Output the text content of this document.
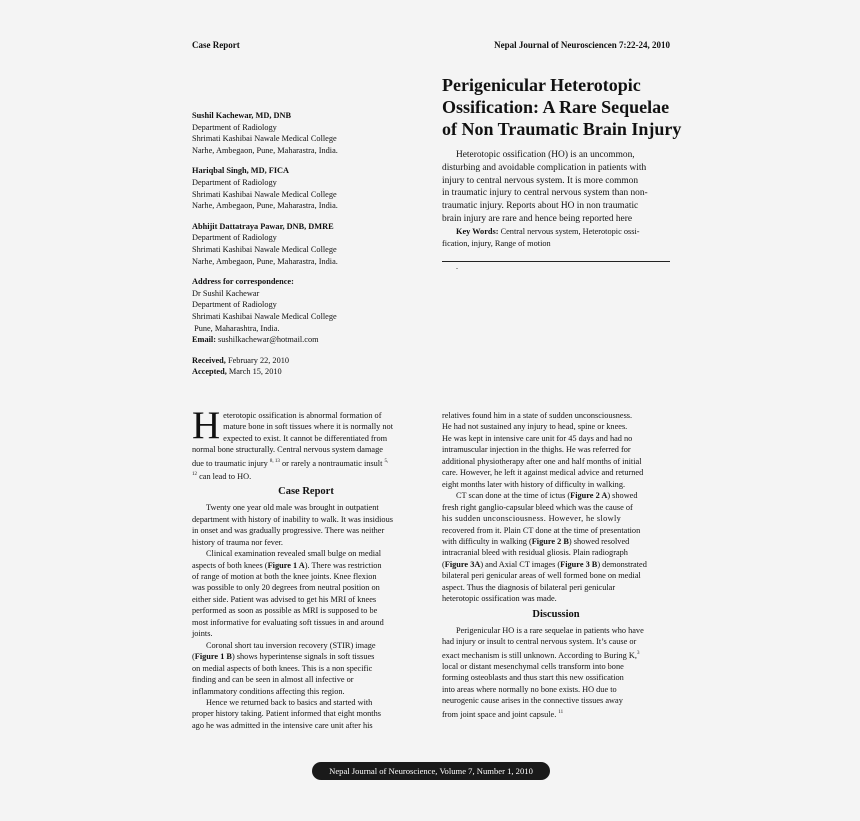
Case Report	Nepal Journal of Neurosciencen 7:22-24, 2010
Perigenicular Heterotopic
Ossification: A Rare Sequelae
of Non Traumatic Brain Injury
Sushil Kachewar, MD, DNB
Department of Radiology
Shrimati Kashibai Nawale Medical College
Narhe, Ambegaon, Pune, Maharastra, India.
Hariqbal Singh, MD, FICA
Department of Radiology
Shrimati Kashibai Nawale Medical College
Narhe, Ambegaon, Pune, Maharastra, India.
Abhijit Dattatraya Pawar, DNB, DMRE
Department of Radiology
Shrimati Kashibai Nawale Medical College
Narhe, Ambegaon, Pune, Maharastra, India.
Address for correspondence:
Dr Sushil Kachewar
Department of Radiology
Shrimati Kashibai Nawale Medical College
Pune, Maharashtra, India.
Email: sushilkachewar@hotmail.com
Received, February 22, 2010
Accepted, March 15, 2010
Heterotopic ossification (HO) is an uncommon,
disturbing and avoidable complication in patients with
injury to central nervous system. It is more common
in traumatic injury to central nervous system than non-
traumatic injury. Reports about HO in non traumatic
brain injury are rare and hence being reported here
Key Words: Central nervous system, Heterotopic ossi-
fication, injury, Range of motion
.
H eterotopic ossification is abnormal formation of
mature bone in soft tissues where it is normally not
expected to exist. It cannot be differentiated from
normal bone structurally. Central nervous system damage
due to traumatic injury $^{8, 13}$ or rarely a nontraumatic insult $^{5,}$
$^{12}$ can lead to HO.
Case Report
Twenty one year old male was brought in outpatient
department with history of inability to walk. It was insidious
in onset and was gradually progressive. There was neither
history of trauma nor fever.
Clinical examination revealed small bulge on medial
aspects of both knees (Figure 1 A). There was restriction
of range of motion at both the knee joints. Knee flexion
was possible to only 20 degrees from neutral position on
either side. Patient was advised to get his MRI of knees
performed as soon as possible as MRI is supposed to be
most informative for evaluating soft tissues in and around
joints.
Coronal short tau inversion recovery (STIR) image
(Figure 1 B) shows hyperintense signals in soft tissues
on medial aspects of both knees. This is a non specific
finding and can be seen in almost all infective or
inflammatory conditions affecting this region.
Hence we returned back to basics and started with
proper history taking. Patient informed that eight months
ago he was admitted in the intensive care unit after his
relatives found him in a state of sudden unconsciousness.
He had not sustained any injury to head, spine or knees.
He was kept in intensive care unit for 45 days and had no
intramuscular injection in the thighs. He was referred for
additional physiotherapy after one and half months of initial
care. However, he left it against medical advice and returned
eight months later with history of difficulty in walking.
CT scan done at the time of ictus (Figure 2 A) showed
fresh right ganglio-capsular bleed which was the cause of
his sudden unconsciousness. However, he slowly
recovered from it. Plain CT done at the time of presentation
with difficulty in walking (Figure 2 B) showed resolved
intracranial bleed with residual gliosis. Plain radiograph
(Figure 3A) and Axial CT images (Figure 3 B) demonstrated
bilateral peri genicular areas of well formed bone on medial
aspect. Thus the diagnosis of bilateral peri genicular
heterotopic ossification was made.
Discussion
Perigenicular HO is a rare sequelae in patients who have
had injury or insult to central nervous system. It’s cause or
exact mechanism is still unknown. According to Buring K,$^3$
local or distant mesenchymal cells transform into bone
forming osteoblasts and thus start this new ossification
into areas where normally no bone exists. HO due to
neurogenic cause arises in the connective tissues away
from joint space and joint capsule. $^{11}$
Nepal Journal of Neuroscience, Volume 7, Number 1, 2010
